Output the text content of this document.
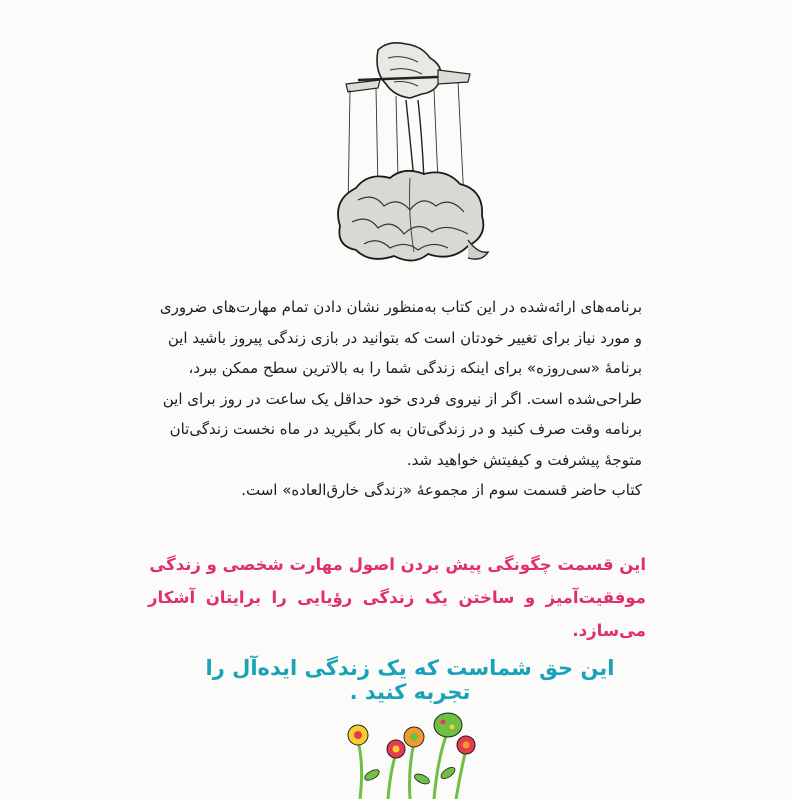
برنامه‌های ارائه‌شده در این کتاب به‌منظور نشان دادن تمام مهارت‌های ضروری

و مورد نیاز برای تغییر خودتان است که بتوانید در بازی زندگی پیروز باشید این

برنامهٔ «سی‌روزه» برای اینکه زندگی شما را به بالاترین سطح ممکن ببرد،

طراحی‌شده است. اگر از نیروی فردی خود حداقل یک ساعت در روز برای این

برنامه وقت صرف کنید و در زندگی‌تان به کار بگیرید در ماه نخست زندگی‌تان

متوجهٔ پیشرفت و کیفیتش خواهید شد.

کتاب حاضر قسمت سوم از مجموعهٔ «زندگی خارق‌العاده» است.

این قسمت چگونگی پیش بردن اصول مهارت شخصی و زندگی

موفقیت‌آمیز و ساختن یک زندگی رؤیایی را برایتان آشکار می‌سازد.

این حق شماست که یک زندگی ایده‌آل را تجربه کنید .
